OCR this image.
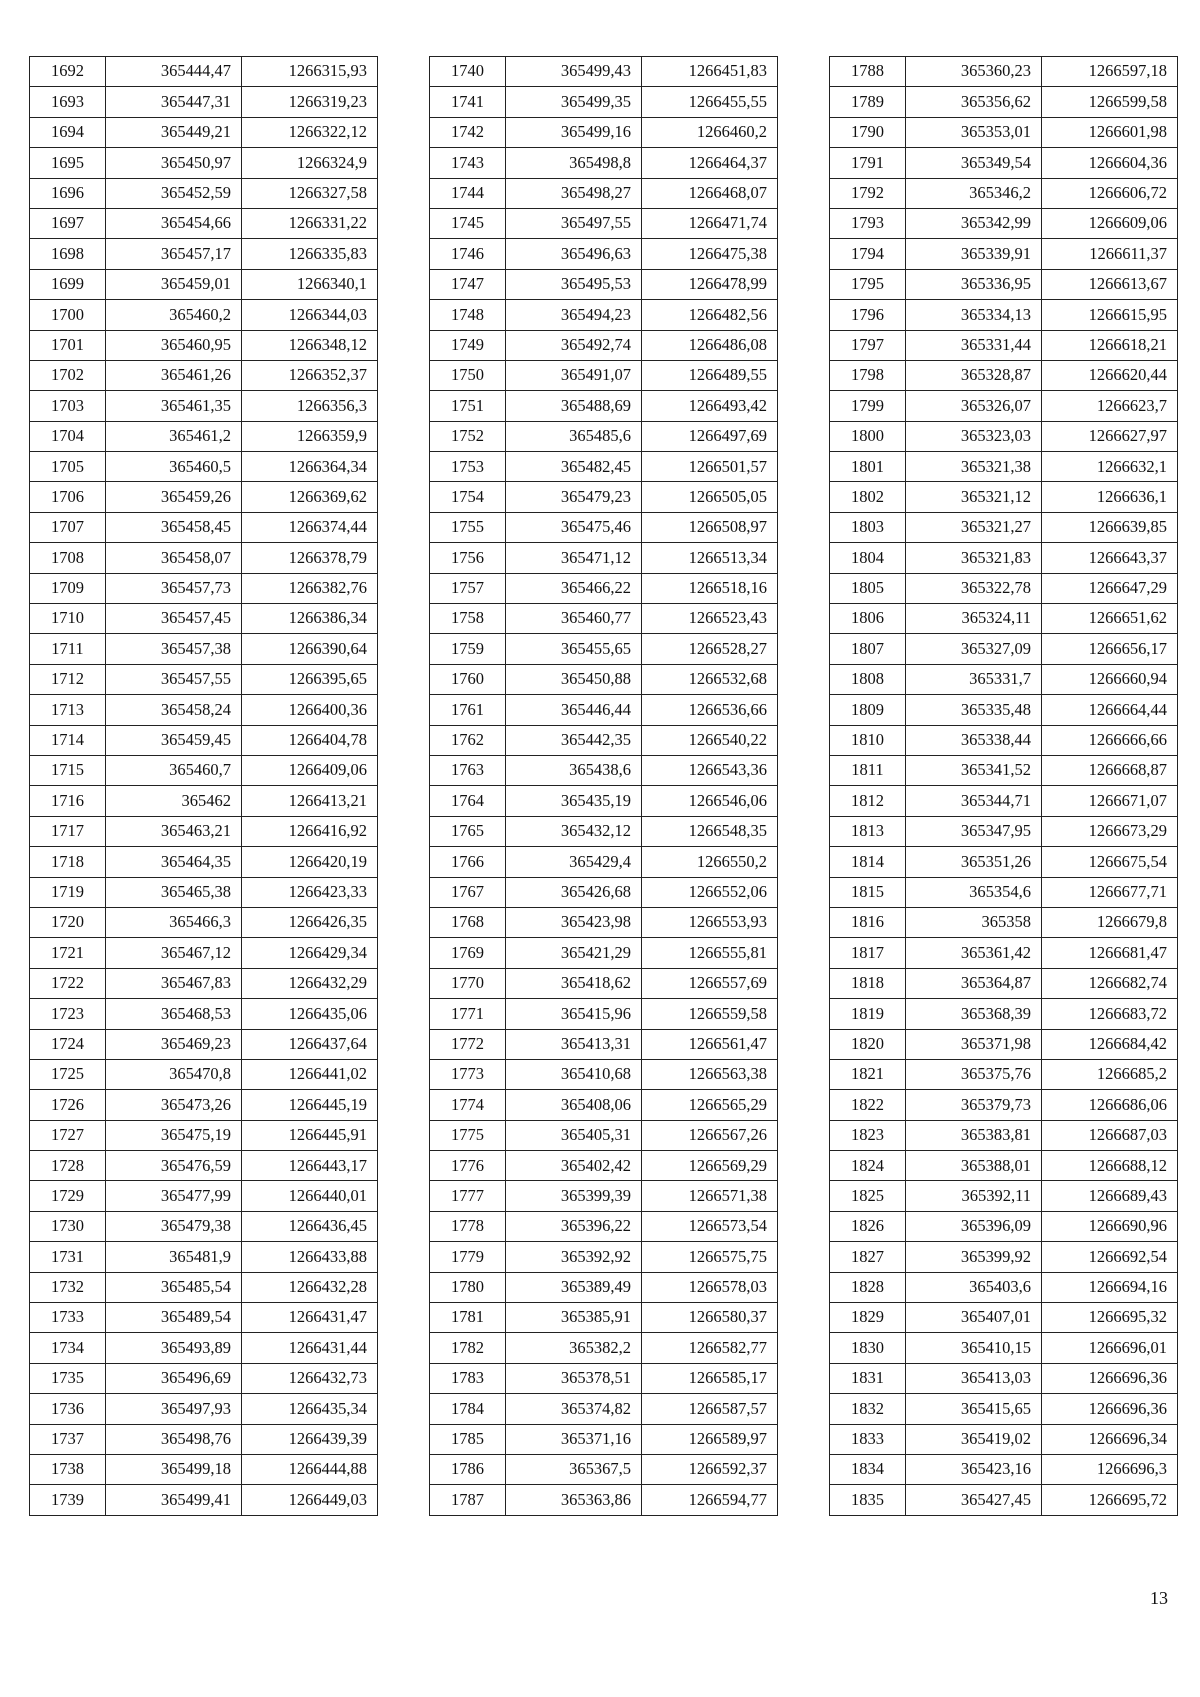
1692	365444,47	1266315,93
1693	365447,31	1266319,23
1694	365449,21	1266322,12
1695	365450,97	1266324,9
1696	365452,59	1266327,58
1697	365454,66	1266331,22
1698	365457,17	1266335,83
1699	365459,01	1266340,1
1700	365460,2	1266344,03
1701	365460,95	1266348,12
1702	365461,26	1266352,37
1703	365461,35	1266356,3
1704	365461,2	1266359,9
1705	365460,5	1266364,34
1706	365459,26	1266369,62
1707	365458,45	1266374,44
1708	365458,07	1266378,79
1709	365457,73	1266382,76
1710	365457,45	1266386,34
1711	365457,38	1266390,64
1712	365457,55	1266395,65
1713	365458,24	1266400,36
1714	365459,45	1266404,78
1715	365460,7	1266409,06
1716	365462	1266413,21
1717	365463,21	1266416,92
1718	365464,35	1266420,19
1719	365465,38	1266423,33
1720	365466,3	1266426,35
1721	365467,12	1266429,34
1722	365467,83	1266432,29
1723	365468,53	1266435,06
1724	365469,23	1266437,64
1725	365470,8	1266441,02
1726	365473,26	1266445,19
1727	365475,19	1266445,91
1728	365476,59	1266443,17
1729	365477,99	1266440,01
1730	365479,38	1266436,45
1731	365481,9	1266433,88
1732	365485,54	1266432,28
1733	365489,54	1266431,47
1734	365493,89	1266431,44
1735	365496,69	1266432,73
1736	365497,93	1266435,34
1737	365498,76	1266439,39
1738	365499,18	1266444,88
1739	365499,41	1266449,03
1740	365499,43	1266451,83
1741	365499,35	1266455,55
1742	365499,16	1266460,2
1743	365498,8	1266464,37
1744	365498,27	1266468,07
1745	365497,55	1266471,74
1746	365496,63	1266475,38
1747	365495,53	1266478,99
1748	365494,23	1266482,56
1749	365492,74	1266486,08
1750	365491,07	1266489,55
1751	365488,69	1266493,42
1752	365485,6	1266497,69
1753	365482,45	1266501,57
1754	365479,23	1266505,05
1755	365475,46	1266508,97
1756	365471,12	1266513,34
1757	365466,22	1266518,16
1758	365460,77	1266523,43
1759	365455,65	1266528,27
1760	365450,88	1266532,68
1761	365446,44	1266536,66
1762	365442,35	1266540,22
1763	365438,6	1266543,36
1764	365435,19	1266546,06
1765	365432,12	1266548,35
1766	365429,4	1266550,2
1767	365426,68	1266552,06
1768	365423,98	1266553,93
1769	365421,29	1266555,81
1770	365418,62	1266557,69
1771	365415,96	1266559,58
1772	365413,31	1266561,47
1773	365410,68	1266563,38
1774	365408,06	1266565,29
1775	365405,31	1266567,26
1776	365402,42	1266569,29
1777	365399,39	1266571,38
1778	365396,22	1266573,54
1779	365392,92	1266575,75
1780	365389,49	1266578,03
1781	365385,91	1266580,37
1782	365382,2	1266582,77
1783	365378,51	1266585,17
1784	365374,82	1266587,57
1785	365371,16	1266589,97
1786	365367,5	1266592,37
1787	365363,86	1266594,77
1788	365360,23	1266597,18
1789	365356,62	1266599,58
1790	365353,01	1266601,98
1791	365349,54	1266604,36
1792	365346,2	1266606,72
1793	365342,99	1266609,06
1794	365339,91	1266611,37
1795	365336,95	1266613,67
1796	365334,13	1266615,95
1797	365331,44	1266618,21
1798	365328,87	1266620,44
1799	365326,07	1266623,7
1800	365323,03	1266627,97
1801	365321,38	1266632,1
1802	365321,12	1266636,1
1803	365321,27	1266639,85
1804	365321,83	1266643,37
1805	365322,78	1266647,29
1806	365324,11	1266651,62
1807	365327,09	1266656,17
1808	365331,7	1266660,94
1809	365335,48	1266664,44
1810	365338,44	1266666,66
1811	365341,52	1266668,87
1812	365344,71	1266671,07
1813	365347,95	1266673,29
1814	365351,26	1266675,54
1815	365354,6	1266677,71
1816	365358	1266679,8
1817	365361,42	1266681,47
1818	365364,87	1266682,74
1819	365368,39	1266683,72
1820	365371,98	1266684,42
1821	365375,76	1266685,2
1822	365379,73	1266686,06
1823	365383,81	1266687,03
1824	365388,01	1266688,12
1825	365392,11	1266689,43
1826	365396,09	1266690,96
1827	365399,92	1266692,54
1828	365403,6	1266694,16
1829	365407,01	1266695,32
1830	365410,15	1266696,01
1831	365413,03	1266696,36
1832	365415,65	1266696,36
1833	365419,02	1266696,34
1834	365423,16	1266696,3
1835	365427,45	1266695,72
13
